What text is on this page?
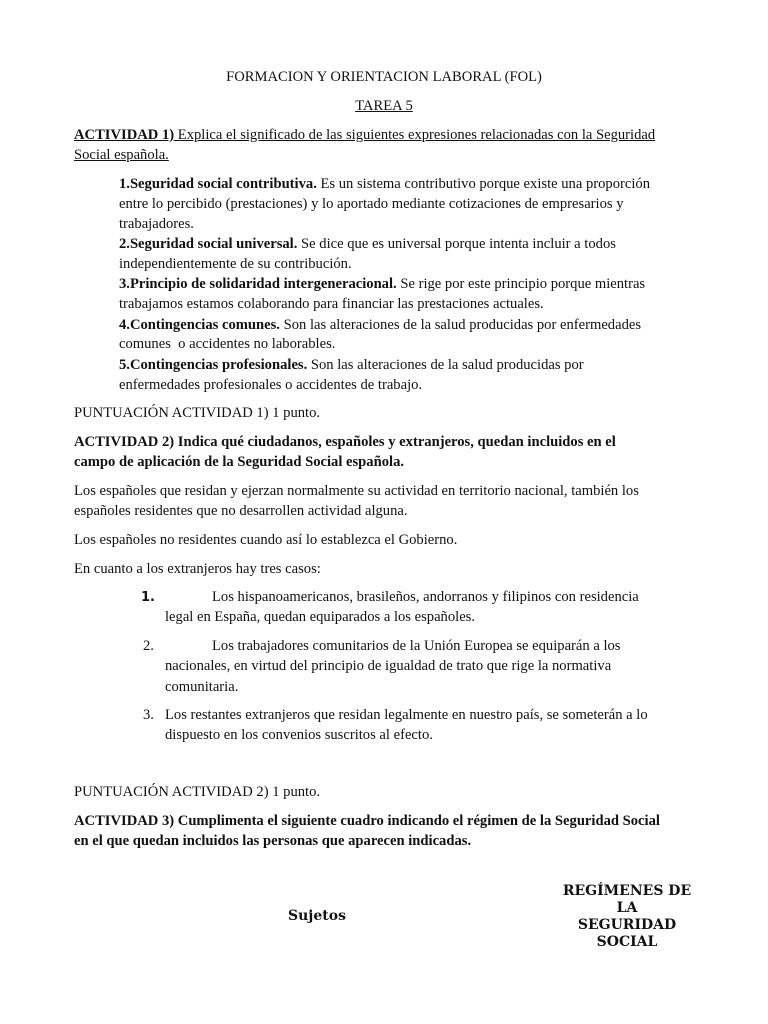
FORMACION Y ORIENTACION LABORAL (FOL)
TAREA 5
ACTIVIDAD 1) Explica el significado de las siguientes expresiones relacionadas con la Seguridad
Social española.
1.Seguridad social contributiva. Es un sistema contributivo porque existe una proporción
entre lo percibido (prestaciones) y lo aportado mediante cotizaciones de empresarios y
trabajadores.
2.Seguridad social universal. Se dice que es universal porque intenta incluir a todos
independientemente de su contribución.
3.Principio de solidaridad intergeneracional. Se rige por este principio porque mientras
trabajamos estamos colaborando para financiar las prestaciones actuales.
4.Contingencias comunes. Son las alteraciones de la salud producidas por enfermedades
comunes  o accidentes no laborables.
5.Contingencias profesionales. Son las alteraciones de la salud producidas por
enfermedades profesionales o accidentes de trabajo.
PUNTUACIÓN ACTIVIDAD 1) 1 punto.
ACTIVIDAD 2) Indica qué ciudadanos, españoles y extranjeros, quedan incluidos en el
campo de aplicación de la Seguridad Social española.
Los españoles que residan y ejerzan normalmente su actividad en territorio nacional, también los
españoles residentes que no desarrollen actividad alguna.
Los españoles no residentes cuando así lo establezca el Gobierno.
En cuanto a los extranjeros hay tres casos:
1.	Los hispanoamericanos, brasileños, andorranos y filipinos con residencia
legal en España, quedan equiparados a los españoles.
2.	Los trabajadores comunitarios de la Unión Europea se equiparán a los
nacionales, en virtud del principio de igualdad de trato que rige la normativa
comunitaria.
3. Los restantes extranjeros que residan legalmente en nuestro país, se someterán a lo
dispuesto en los convenios suscritos al efecto.
PUNTUACIÓN ACTIVIDAD 2) 1 punto.
ACTIVIDAD 3) Cumplimenta el siguiente cuadro indicando el régimen de la Seguridad Social
en el que quedan incluidos las personas que aparecen indicadas.
Sujetos
REGÍMENES DE
LA
SEGURIDAD
SOCIAL
